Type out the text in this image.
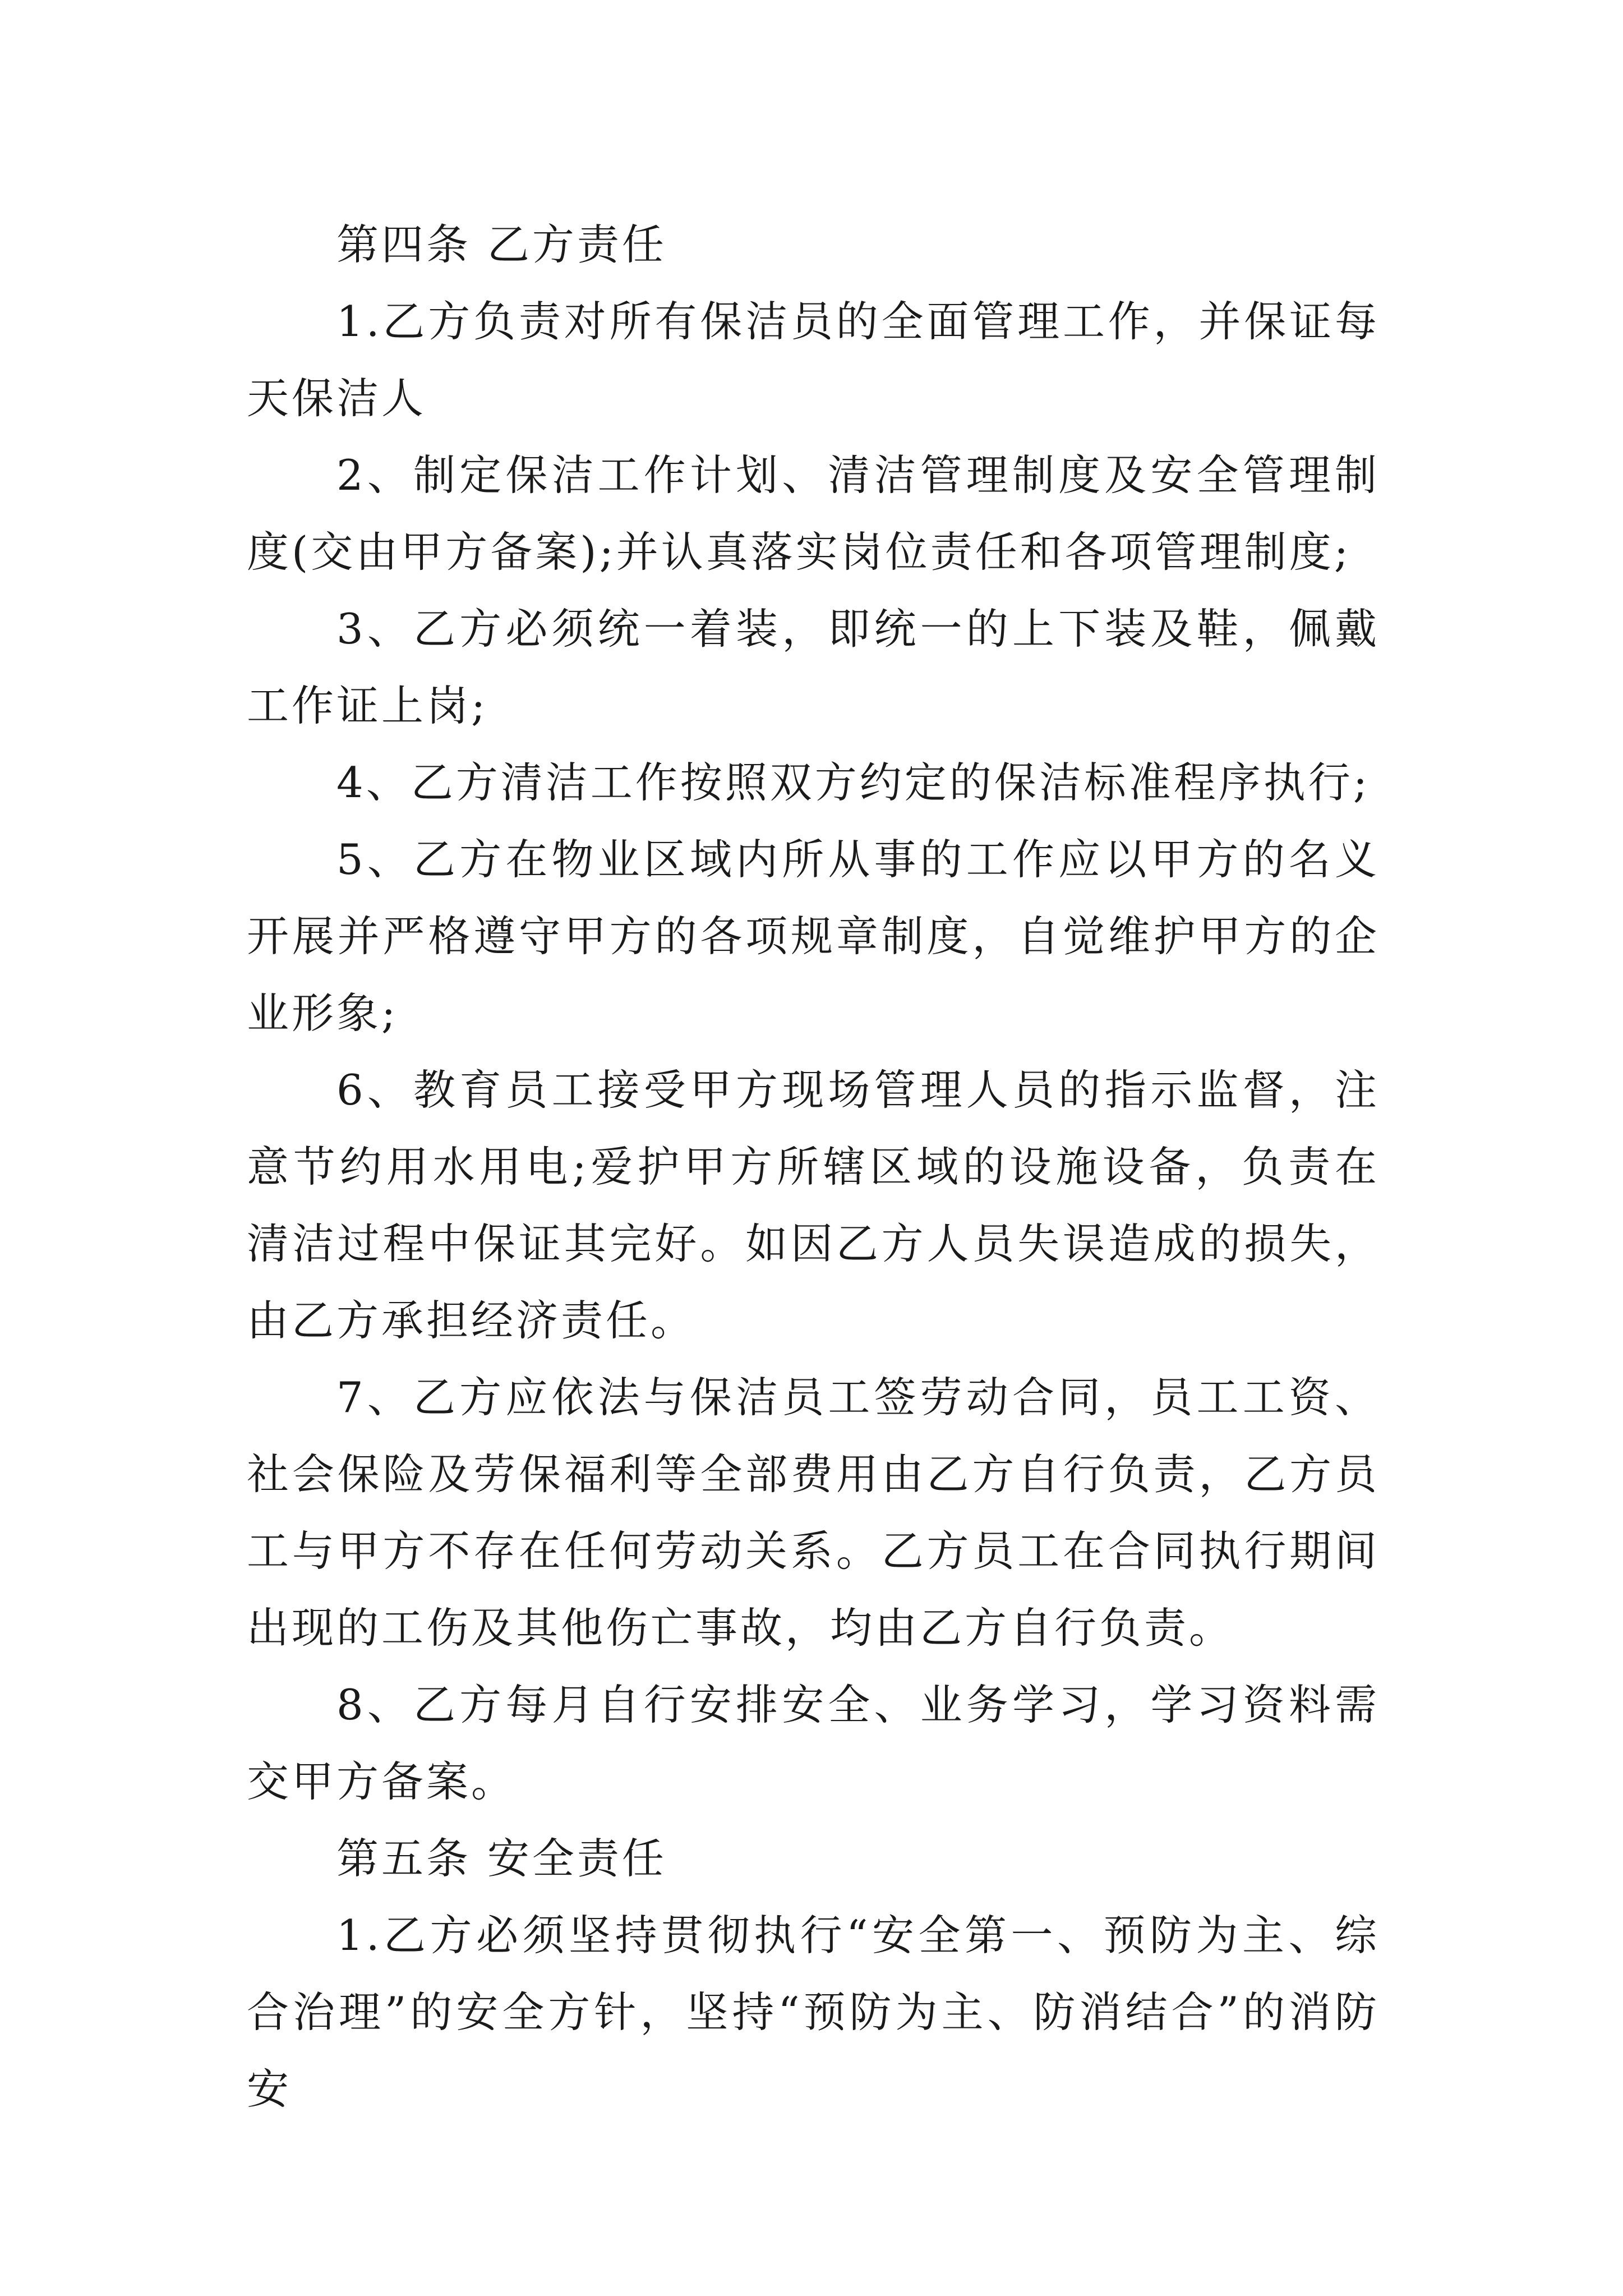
第四条 乙方责任

1.乙方负责对所有保洁员的全面管理工作，并保证每天保洁人

2、制定保洁工作计划、清洁管理制度及安全管理制度(交由甲方备案);并认真落实岗位责任和各项管理制度;

3、乙方必须统一着装，即统一的上下装及鞋，佩戴工作证上岗;

4、乙方清洁工作按照双方约定的保洁标准程序执行;

5、乙方在物业区域内所从事的工作应以甲方的名义开展并严格遵守甲方的各项规章制度，自觉维护甲方的企业形象;

6、教育员工接受甲方现场管理人员的指示监督，注意节约用水用电;爱护甲方所辖区域的设施设备，负责在清洁过程中保证其完好。如因乙方人员失误造成的损失，由乙方承担经济责任。

7、乙方应依法与保洁员工签劳动合同，员工工资、社会保险及劳保福利等全部费用由乙方自行负责，乙方员工与甲方不存在任何劳动关系。乙方员工在合同执行期间出现的工伤及其他伤亡事故，均由乙方自行负责。

8、乙方每月自行安排安全、业务学习，学习资料需交甲方备案。

第五条 安全责任

1.乙方必须坚持贯彻执行“安全第一、预防为主、综合治理”的安全方针，坚持“预防为主、防消结合”的消防安
